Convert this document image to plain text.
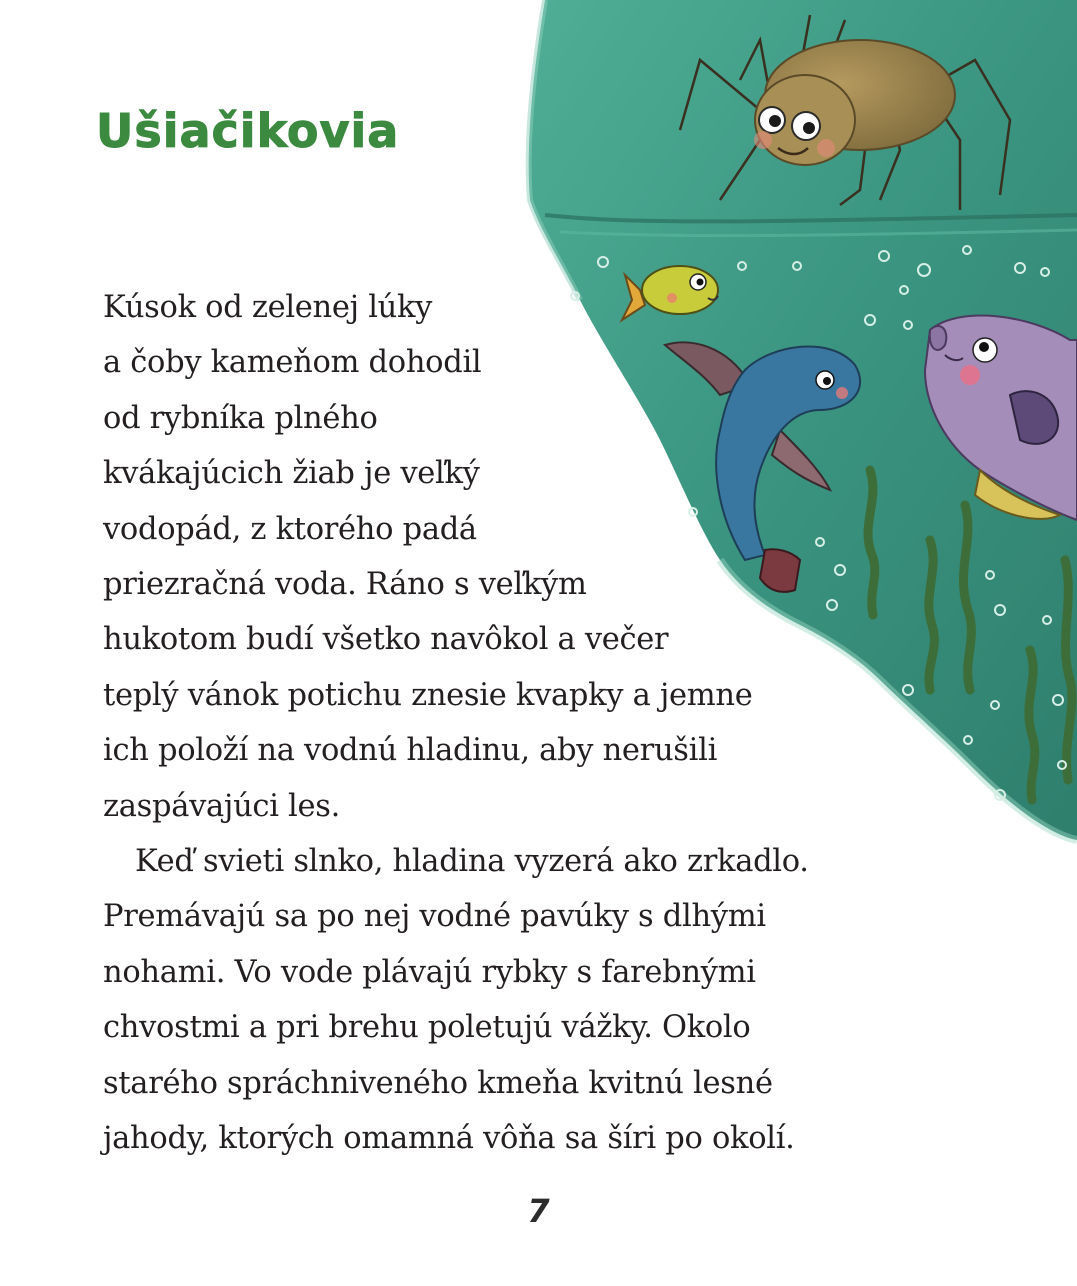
Ušiačikovia
Kúsok od zelenej lúky
a čoby kameňom dohodil
od rybníka plného
kvákajúcich žiab je veľký
vodopád, z ktorého padá
priezračná voda. Ráno s veľkým
hukotom budí všetko navôkol a večer
teplý vánok potichu znesie kvapky a jemne
ich položí na vodnú hladinu, aby nerušili
zaspávajúci les.
Keď svieti slnko, hladina vyzerá ako zrkadlo.
Premávajú sa po nej vodné pavúky s dlhými
nohami. Vo vode plávajú rybky s farebnými
chvostmi a pri brehu poletujú vážky. Okolo
starého spráchniveného kmeňa kvitnú lesné
jahody, ktorých omamná vôňa sa šíri po okolí.
7
